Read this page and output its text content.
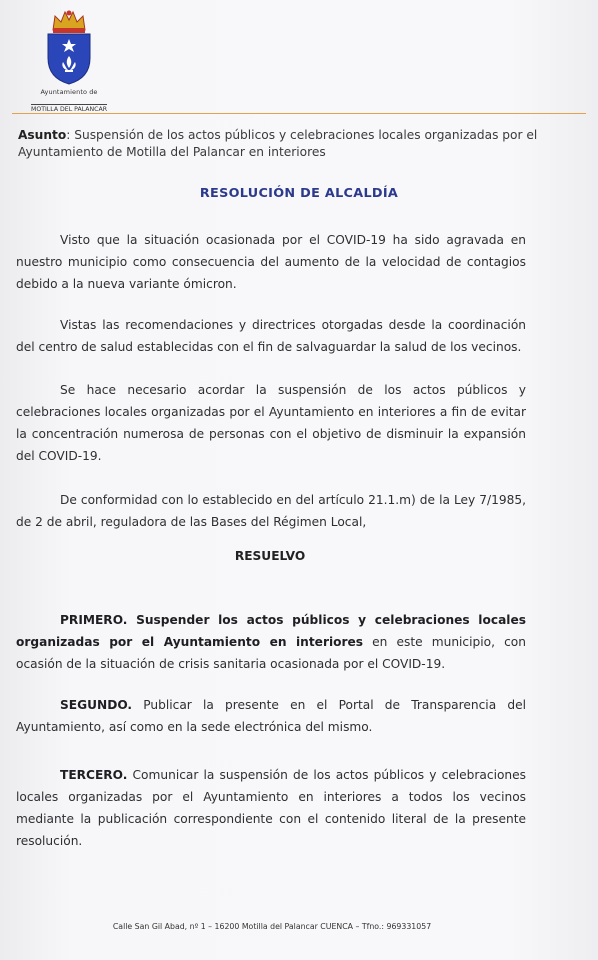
Ayuntamiento de
MOTILLA DEL PALANCAR
Asunto: Suspensión de los actos públicos y celebraciones locales organizadas por el Ayuntamiento de Motilla del Palancar en interiores
RESOLUCIÓN DE ALCALDÍA
Visto que la situación ocasionada por el COVID-19 ha sido agravada en nuestro municipio como consecuencia del aumento de la velocidad de contagios debido a la nueva variante ómicron.
Vistas las recomendaciones y directrices otorgadas desde la coordinación del centro de salud establecidas con el fin de salvaguardar la salud de los vecinos.
Se hace necesario acordar la suspensión de los actos públicos y celebraciones locales organizadas por el Ayuntamiento en interiores a fin de evitar la concentración numerosa de personas con el objetivo de disminuir la expansión del COVID-19.
De conformidad con lo establecido en del artículo 21.1.m) de la Ley 7/1985, de 2 de abril, reguladora de las Bases del Régimen Local,
RESUELVO
PRIMERO. Suspender los actos públicos y celebraciones locales organizadas por el Ayuntamiento en interiores en este municipio, con ocasión de la situación de crisis sanitaria ocasionada por el COVID-19.
SEGUNDO. Publicar la presente en el Portal de Transparencia del Ayuntamiento, así como en la sede electrónica del mismo.
TERCERO. Comunicar la suspensión de los actos públicos y celebraciones locales organizadas por el Ayuntamiento en interiores a todos los vecinos mediante la publicación correspondiente con el contenido literal de la presente resolución.
Calle San Gil Abad, nº 1 – 16200 Motilla del Palancar CUENCA – Tfno.: 969331057
